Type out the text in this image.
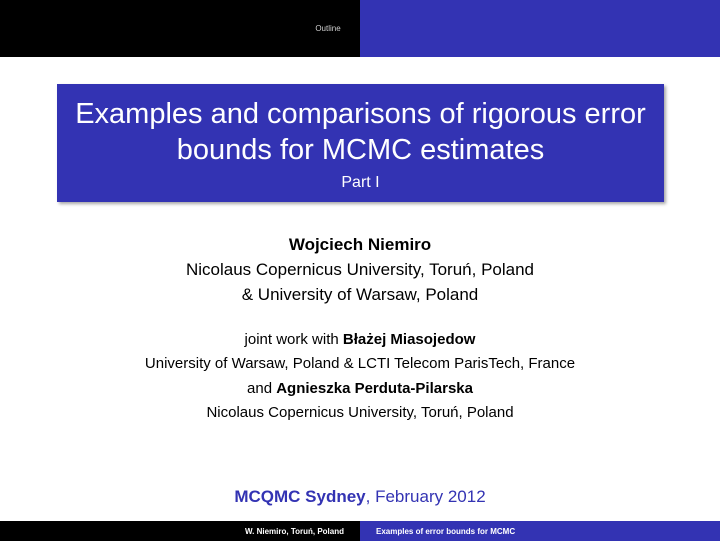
Outline
Examples and comparisons of rigorous error
bounds for MCMC estimates
Part I
Wojciech Niemiro
Nicolaus Copernicus University, Toruń, Poland
& University of Warsaw, Poland
joint work with Błażej Miasojedow
University of Warsaw, Poland & LCTI Telecom ParisTech, France
and Agnieszka Perduta-Pilarska
Nicolaus Copernicus University, Toruń, Poland
MCQMC Sydney, February 2012
W. Niemiro, Toruń, Poland	Examples of error bounds for MCMC
